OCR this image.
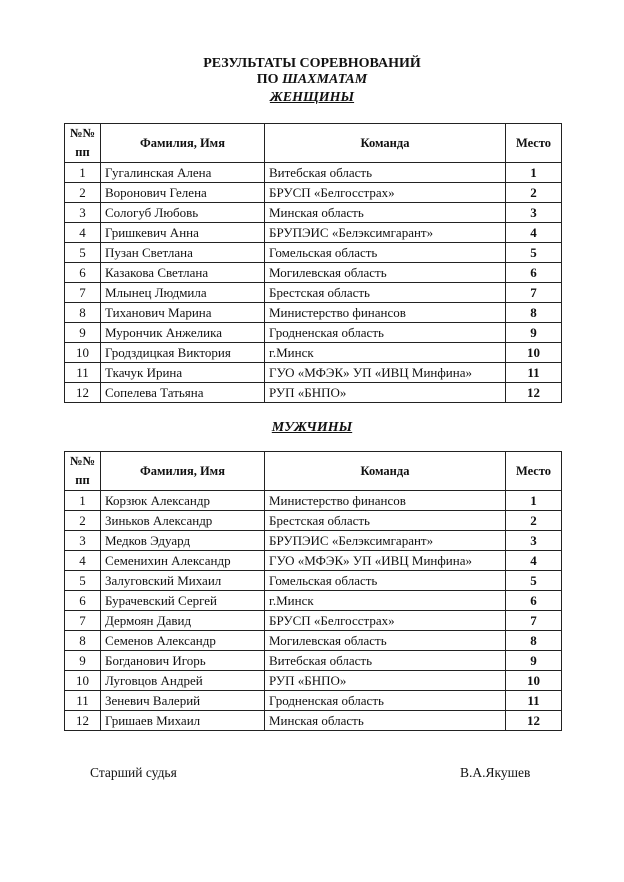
РЕЗУЛЬТАТЫ СОРЕВНОВАНИЙ
ПО ШАХМАТАМ
ЖЕНЩИНЫ
№№
пп	Фамилия, Имя	Команда	Место
1	Гугалинская Алена	Витебская область	1
2	Воронович Гелена	БРУСП «Белгосстрах»	2
3	Сологуб Любовь	Минская область	3
4	Гришкевич Анна	БРУПЭИС «Белэксимгарант»	4
5	Пузан Светлана	Гомельская область	5
6	Казакова Светлана	Могилевская область	6
7	Млынец Людмила	Брестская область	7
8	Тиханович Марина	Министерство финансов	8
9	Мурончик Анжелика	Гродненская область	9
10	Гродздицкая Виктория	г.Минск	10
11	Ткачук Ирина	ГУО «МФЭК» УП «ИВЦ Минфина»	11
12	Сопелева Татьяна	РУП «БНПО»	12
МУЖЧИНЫ
№№
пп	Фамилия, Имя	Команда	Место
1	Корзюк Александр	Министерство финансов	1
2	Зиньков Александр	Брестская область	2
3	Медков Эдуард	БРУПЭИС «Белэксимгарант»	3
4	Семенихин Александр	ГУО «МФЭК» УП «ИВЦ Минфина»	4
5	Залуговский Михаил	Гомельская область	5
6	Бурачевский Сергей	г.Минск	6
7	Дермоян Давид	БРУСП «Белгосстрах»	7
8	Семенов Александр	Могилевская область	8
9	Богданович Игорь	Витебская область	9
10	Луговцов Андрей	РУП «БНПО»	10
11	Зеневич Валерий	Гродненская область	11
12	Гришаев Михаил	Минская область	12
Старший судья	В.А.Якушев
